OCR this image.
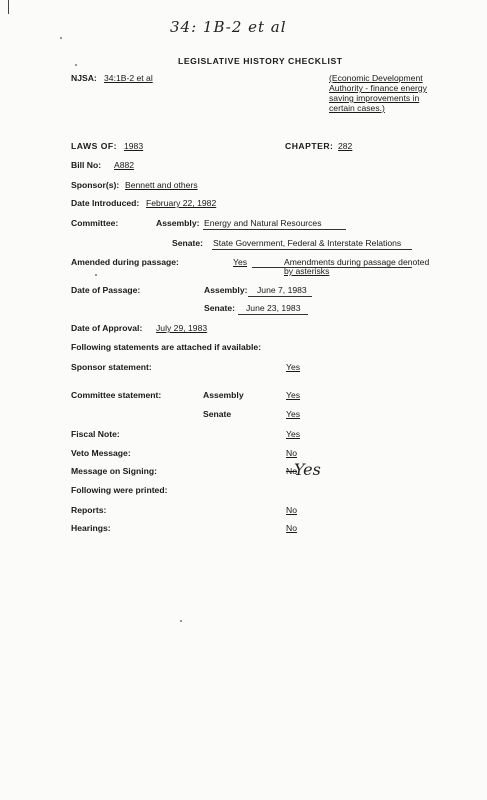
34: 1B-2 et al
LEGISLATIVE HISTORY CHECKLIST
NJSA: 34:1B-2 et al	(Economic Development
Authority - finance energy
saving improvements in
certain cases.)
LAWS OF: 1983	CHAPTER: 282
Bill No: A882
Sponsor(s): Bennett and others
Date Introduced: February 22, 1982
Committee:	Assembly: Energy and Natural Resources
Senate: State Government, Federal & Interstate Relations
Amended during passage:	Yes	Amendments during passage denoted
by asterisks
Date of Passage:	Assembly: June 7, 1983
Senate: June 23, 1983
Date of Approval: July 29, 1983
Following statements are attached if available:
Sponsor statement:	Yes
Committee statement:	Assembly	Yes
Senate	Yes
Fiscal Note:	Yes
Veto Message:	No
Message on Signing:	No
Yes
Following were printed:
Reports:	No
Hearings:	No
